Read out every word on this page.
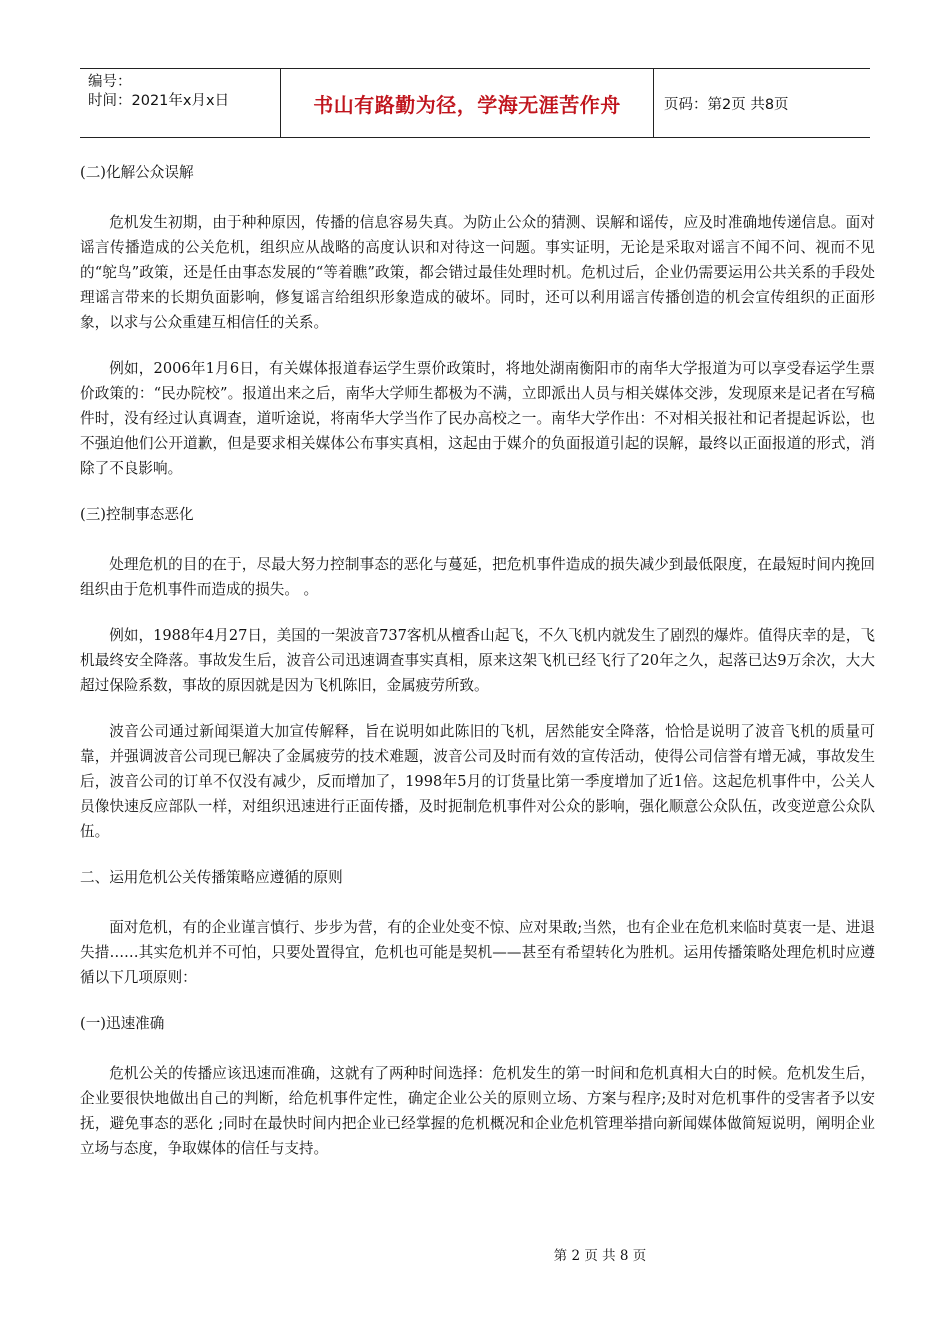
编号：
时间：2021年x月x日	书山有路勤为径，学海无涯苦作舟	页码：第2页 共8页

(二)化解公众误解

危机发生初期，由于种种原因，传播的信息容易失真。为防止公众的猜测、误解和谣传，应及时准确地传递信息。面对谣言传播造成的公关危机，组织应从战略的高度认识和对待这一问题。事实证明，无论是采取对谣言不闻不问、视而不见的“鸵鸟”政策，还是任由事态发展的“等着瞧”政策，都会错过最佳处理时机。危机过后，企业仍需要运用公共关系的手段处理谣言带来的长期负面影响，修复谣言给组织形象造成的破坏。同时，还可以利用谣言传播创造的机会宣传组织的正面形象，以求与公众重建互相信任的关系。

例如，2006年1月6日，有关媒体报道春运学生票价政策时，将地处湖南衡阳市的南华大学报道为可以享受春运学生票价政策的：“民办院校”。报道出来之后，南华大学师生都极为不满，立即派出人员与相关媒体交涉，发现原来是记者在写稿件时，没有经过认真调查，道听途说，将南华大学当作了民办高校之一。南华大学作出：不对相关报社和记者提起诉讼，也不强迫他们公开道歉，但是要求相关媒体公布事实真相，这起由于媒介的负面报道引起的误解，最终以正面报道的形式，消除了不良影响。

(三)控制事态恶化

处理危机的目的在于，尽最大努力控制事态的恶化与蔓延，把危机事件造成的损失减少到最低限度，在最短时间内挽回组织由于危机事件而造成的损失。 。

例如，1988年4月27日，美国的一架波音737客机从檀香山起飞，不久飞机内就发生了剧烈的爆炸。值得庆幸的是，飞机最终安全降落。事故发生后，波音公司迅速调查事实真相，原来这架飞机已经飞行了20年之久，起落已达9万余次，大大超过保险系数，事故的原因就是因为飞机陈旧，金属疲劳所致。

波音公司通过新闻渠道大加宣传解释，旨在说明如此陈旧的飞机，居然能安全降落，恰恰是说明了波音飞机的质量可靠，并强调波音公司现已解决了金属疲劳的技术难题，波音公司及时而有效的宣传活动，使得公司信誉有增无减，事故发生后，波音公司的订单不仅没有减少，反而增加了，1998年5月的订货量比第一季度增加了近1倍。这起危机事件中，公关人员像快速反应部队一样，对组织迅速进行正面传播，及时扼制危机事件对公众的影响，强化顺意公众队伍，改变逆意公众队伍。

二、运用危机公关传播策略应遵循的原则

面对危机，有的企业谨言慎行、步步为营，有的企业处变不惊、应对果敢;当然，也有企业在危机来临时莫衷一是、进退失措……其实危机并不可怕，只要处置得宜，危机也可能是契机——甚至有希望转化为胜机。运用传播策略处理危机时应遵循以下几项原则：

(一)迅速准确

危机公关的传播应该迅速而准确，这就有了两种时间选择：危机发生的第一时间和危机真相大白的时候。危机发生后，企业要很快地做出自己的判断，给危机事件定性，确定企业公关的原则立场、方案与程序;及时对危机事件的受害者予以安抚，避免事态的恶化 ;同时在最快时间内把企业已经掌握的危机概况和企业危机管理举措向新闻媒体做简短说明，阐明企业立场与态度，争取媒体的信任与支持。

第 2 页 共 8 页
